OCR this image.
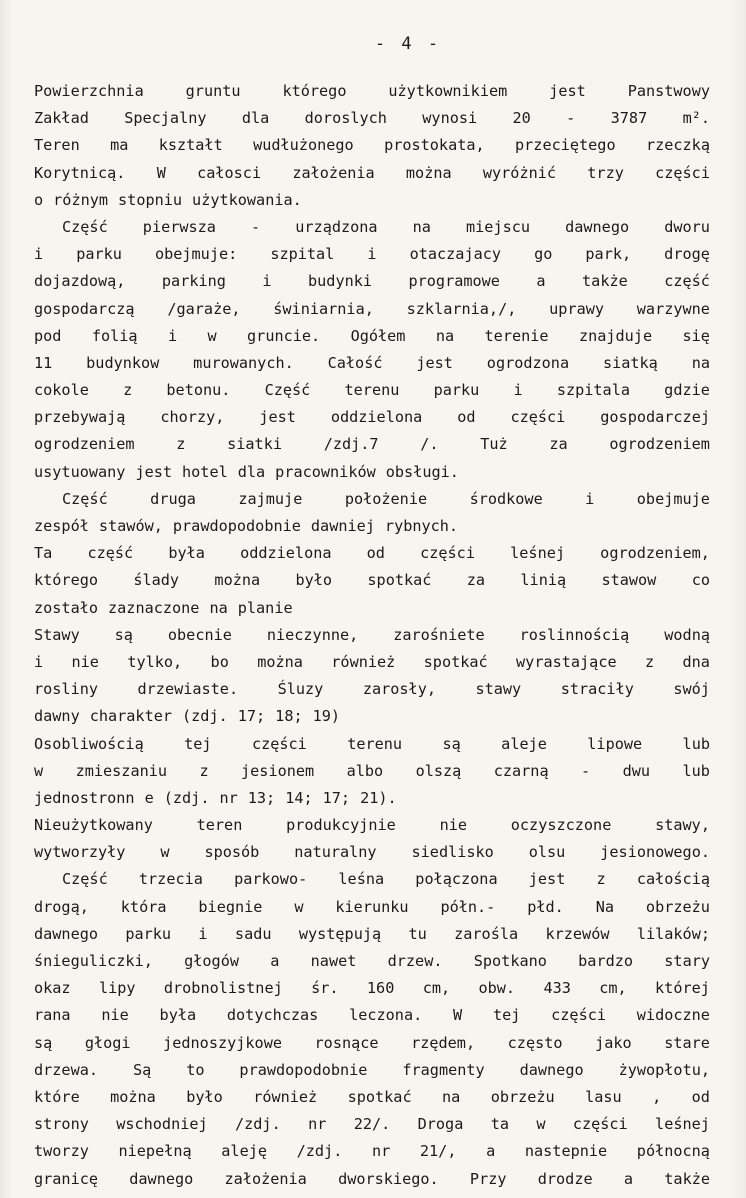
- 4 -
Powierzchnia	gruntu	którego	użytkownikiem	jest	Panstwowy
Zakład Specjalny dla doroslych wynosi 20 - 3787 m².
Teren ma kształt wudłużonego prostokata, przeciętego rzeczką
Korytnicą. W całosci założenia można wyróżnić trzy części
o różnym stopniu użytkowania.
Część pierwsza - urządzona na miejscu dawnego dworu
i parku obejmuje: szpital i otaczajacy go park, drogę
dojazdową, parking i budynki programowe a także część
gospodarczą /garaże, świniarnia, szklarnia,/, uprawy warzywne
pod folią i w gruncie. Ogółem na terenie znajduje się
11 budynkow murowanych. Całość jest ogrodzona siatką na
cokole z betonu. Część terenu parku i szpitala gdzie
przebywają chorzy, jest oddzielona od części gospodarczej
ogrodzeniem	z	siatki	/zdj.7	/.	Tuż	za	ogrodzeniem
usytuowany jest hotel dla pracowników obsługi.
Część	druga	zajmuje	położenie	środkowe	i	obejmuje
zespół stawów, prawdopodobnie dawniej rybnych.
Ta część była oddzielona od części leśnej ogrodzeniem,
którego ślady można było spotkać za linią stawow co
zostało zaznaczone na planie
Stawy są obecnie nieczynne, zarośniete roslinnością wodną
i nie tylko, bo można również spotkać wyrastające z dna
rosliny	drzewiaste.	Śluzy	zarosły,	stawy	straciły	swój
dawny charakter (zdj. 17; 18; 19)
Osobliwością	tej	części	terenu	są	aleje	lipowe	lub
w zmieszaniu z jesionem albo olszą czarną - dwu lub
jednostronn e (zdj. nr 13; 14; 17; 21).
Nieużytkowany	teren	produkcyjnie	nie	oczyszczone	stawy,
wytworzyły w sposób naturalny siedlisko olsu jesionowego.
Część trzecia parkowo- leśna połączona jest z całością
drogą, która biegnie w kierunku półn.- płd. Na obrzeżu
dawnego parku i sadu występują tu zarośla krzewów lilaków;
śnieguliczki, głogów a nawet drzew. Spotkano bardzo stary
okaz lipy drobnolistnej śr. 160 cm, obw. 433 cm, której
rana nie była dotychczas leczona. W tej części widoczne
są głogi jednoszyjkowe rosnące rzędem, często jako stare
drzewa. Są to prawdopodobnie fragmenty dawnego żywopłotu,
które można było również spotkać na obrzeżu lasu , od
strony wschodniej /zdj. nr 22/. Droga ta w części leśnej
tworzy niepełną aleję /zdj. nr 21/, a nastepnie północną
granicę dawnego założenia dworskiego. Przy drodze a także
